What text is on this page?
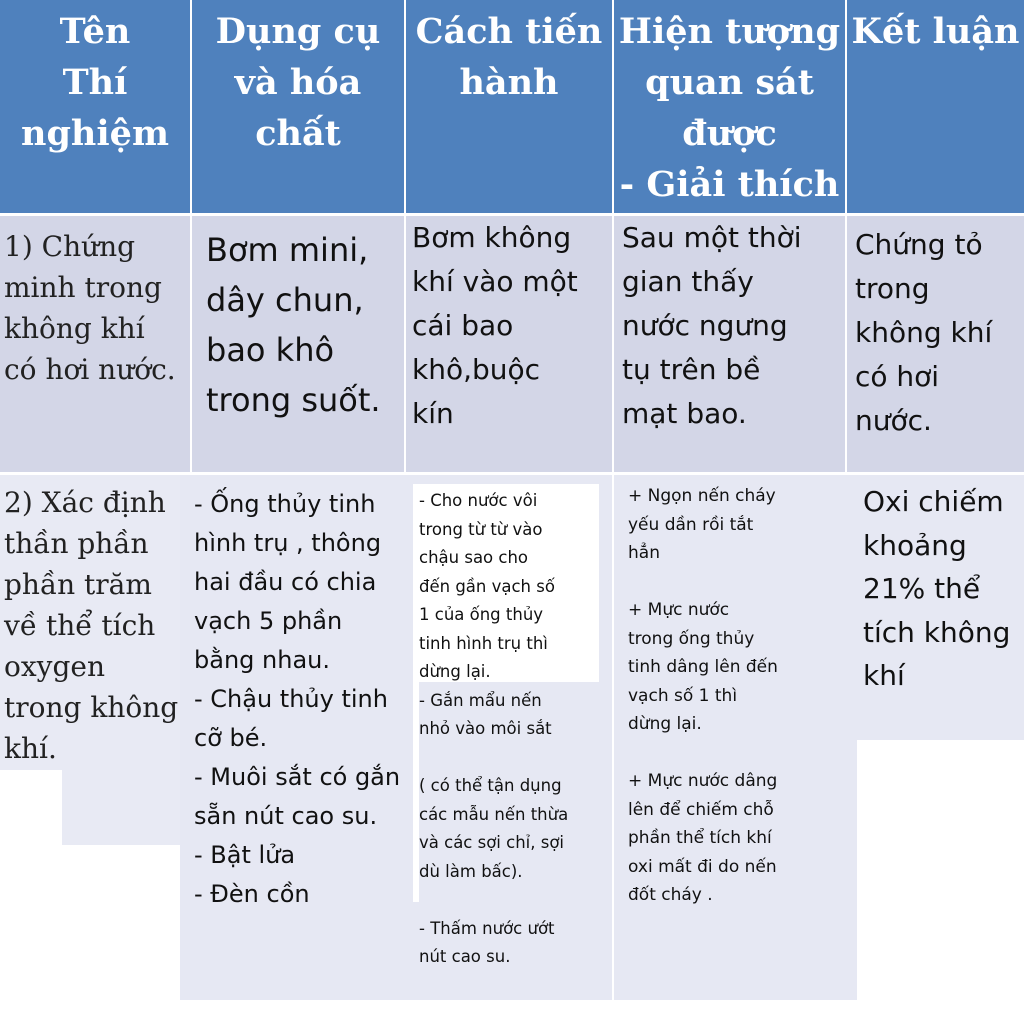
Tên
Thí
nghiệm
Dụng cụ
và hóa
chất
Cách tiến
hành
Hiện tượng
quan sát
được
- Giải thích
Kết luận
1) Chứng
minh trong
không khí
có hơi nước.
Bơm mini,
dây chun,
bao khô
trong suốt.
Bơm không
khí vào một
cái bao
khô,buộc
kín
Sau một thời
gian thấy
nước ngưng
tụ trên bề
mạt bao.
Chứng tỏ
trong
không khí
có hơi
nước.
2) Xác định
thần phần
phần trăm
về thể tích
oxygen
trong không
khí.
- Ống thủy tinh
hình trụ , thông
hai đầu có chia
vạch 5 phần
bằng nhau.
- Chậu thủy tinh
cỡ bé.
- Muôi sắt có gắn
sẵn nút cao su.
- Bật lửa
- Đèn cồn
- Cho nước vôi
trong từ từ vào
chậu sao cho
đến gần vạch số
1 của ống thủy
tinh hình trụ thì
dừng lại.
- Gắn mẩu nến
nhỏ vào môi sắt

( có thể tận dụng
các mẫu nến thừa
và các sợi chỉ, sợi
dù làm bấc).

- Thấm nước ướt
nút cao su.
+ Ngọn nến cháy
yếu dần rồi tắt
hẳn

+ Mực nước
trong ống thủy
tinh dâng lên đến
vạch số 1 thì
dừng lại.

+ Mực nước dâng
lên để chiếm chỗ
phần thể tích khí
oxi mất đi do nến
đốt cháy .
Oxi chiếm
khoảng
21% thể
tích không
khí
